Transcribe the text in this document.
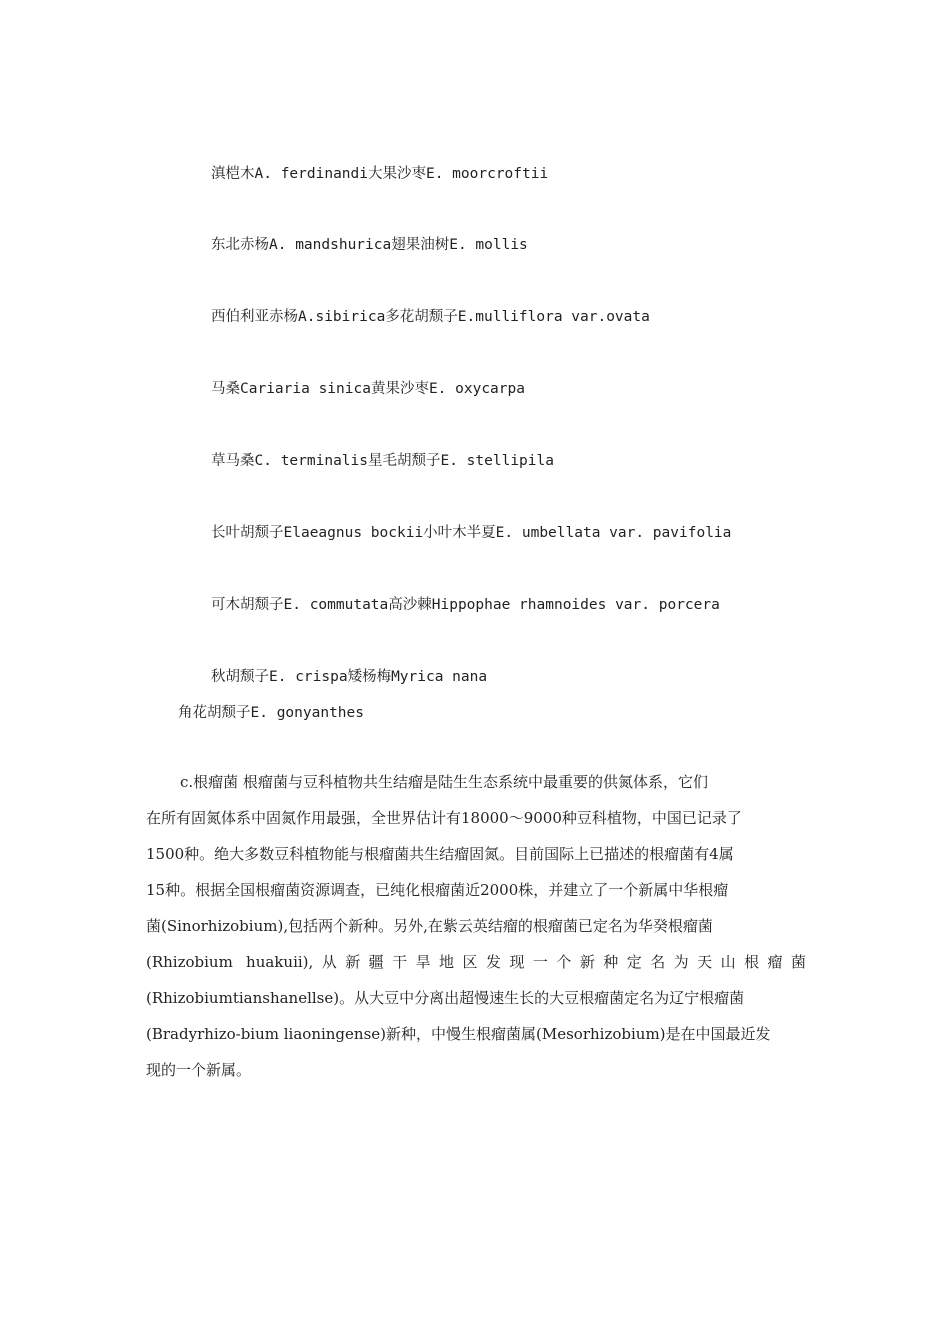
滇桤木A. ferdinandi大果沙枣E. moorcroftii

东北赤杨A. mandshurica翅果油树E. mollis

西伯利亚赤杨A.sibirica多花胡颓子E.mulliflora var.ovata

马桑Cariaria sinica黄果沙枣E. oxycarpa

草马桑C. terminalis星毛胡颓子E. stellipila

长叶胡颓子Elaeagnus bockii小叶木半夏E. umbellata var. pavifolia

可木胡颓子E. commutata高沙棘Hippophae rhamnoides var. porcera

秋胡颓子E. crispa矮杨梅Myrica nana

角花胡颓子E. gonyanthes

c.根瘤菌 根瘤菌与豆科植物共生结瘤是陆生生态系统中最重要的供氮体系，它们
在所有固氮体系中固氮作用最强，全世界估计有18000～9000种豆科植物，中国已记录了
1500种。绝大多数豆科植物能与根瘤菌共生结瘤固氮。目前国际上已描述的根瘤菌有4属
15种。根据全国根瘤菌资源调查，已纯化根瘤菌近2000株，并建立了一个新属中华根瘤
菌(Sinorhizobium),包括两个新种。另外,在紫云英结瘤的根瘤菌已定名为华癸根瘤菌
(Rhizobium huakuii),从新疆干旱地区发现一个新种定名为天山根瘤菌
(Rhizobiumtianshanellse)。从大豆中分离出超慢速生长的大豆根瘤菌定名为辽宁根瘤菌
(Bradyrhizo-bium liaoningense)新种，中慢生根瘤菌属(Mesorhizobium)是在中国最近发
现的一个新属。
